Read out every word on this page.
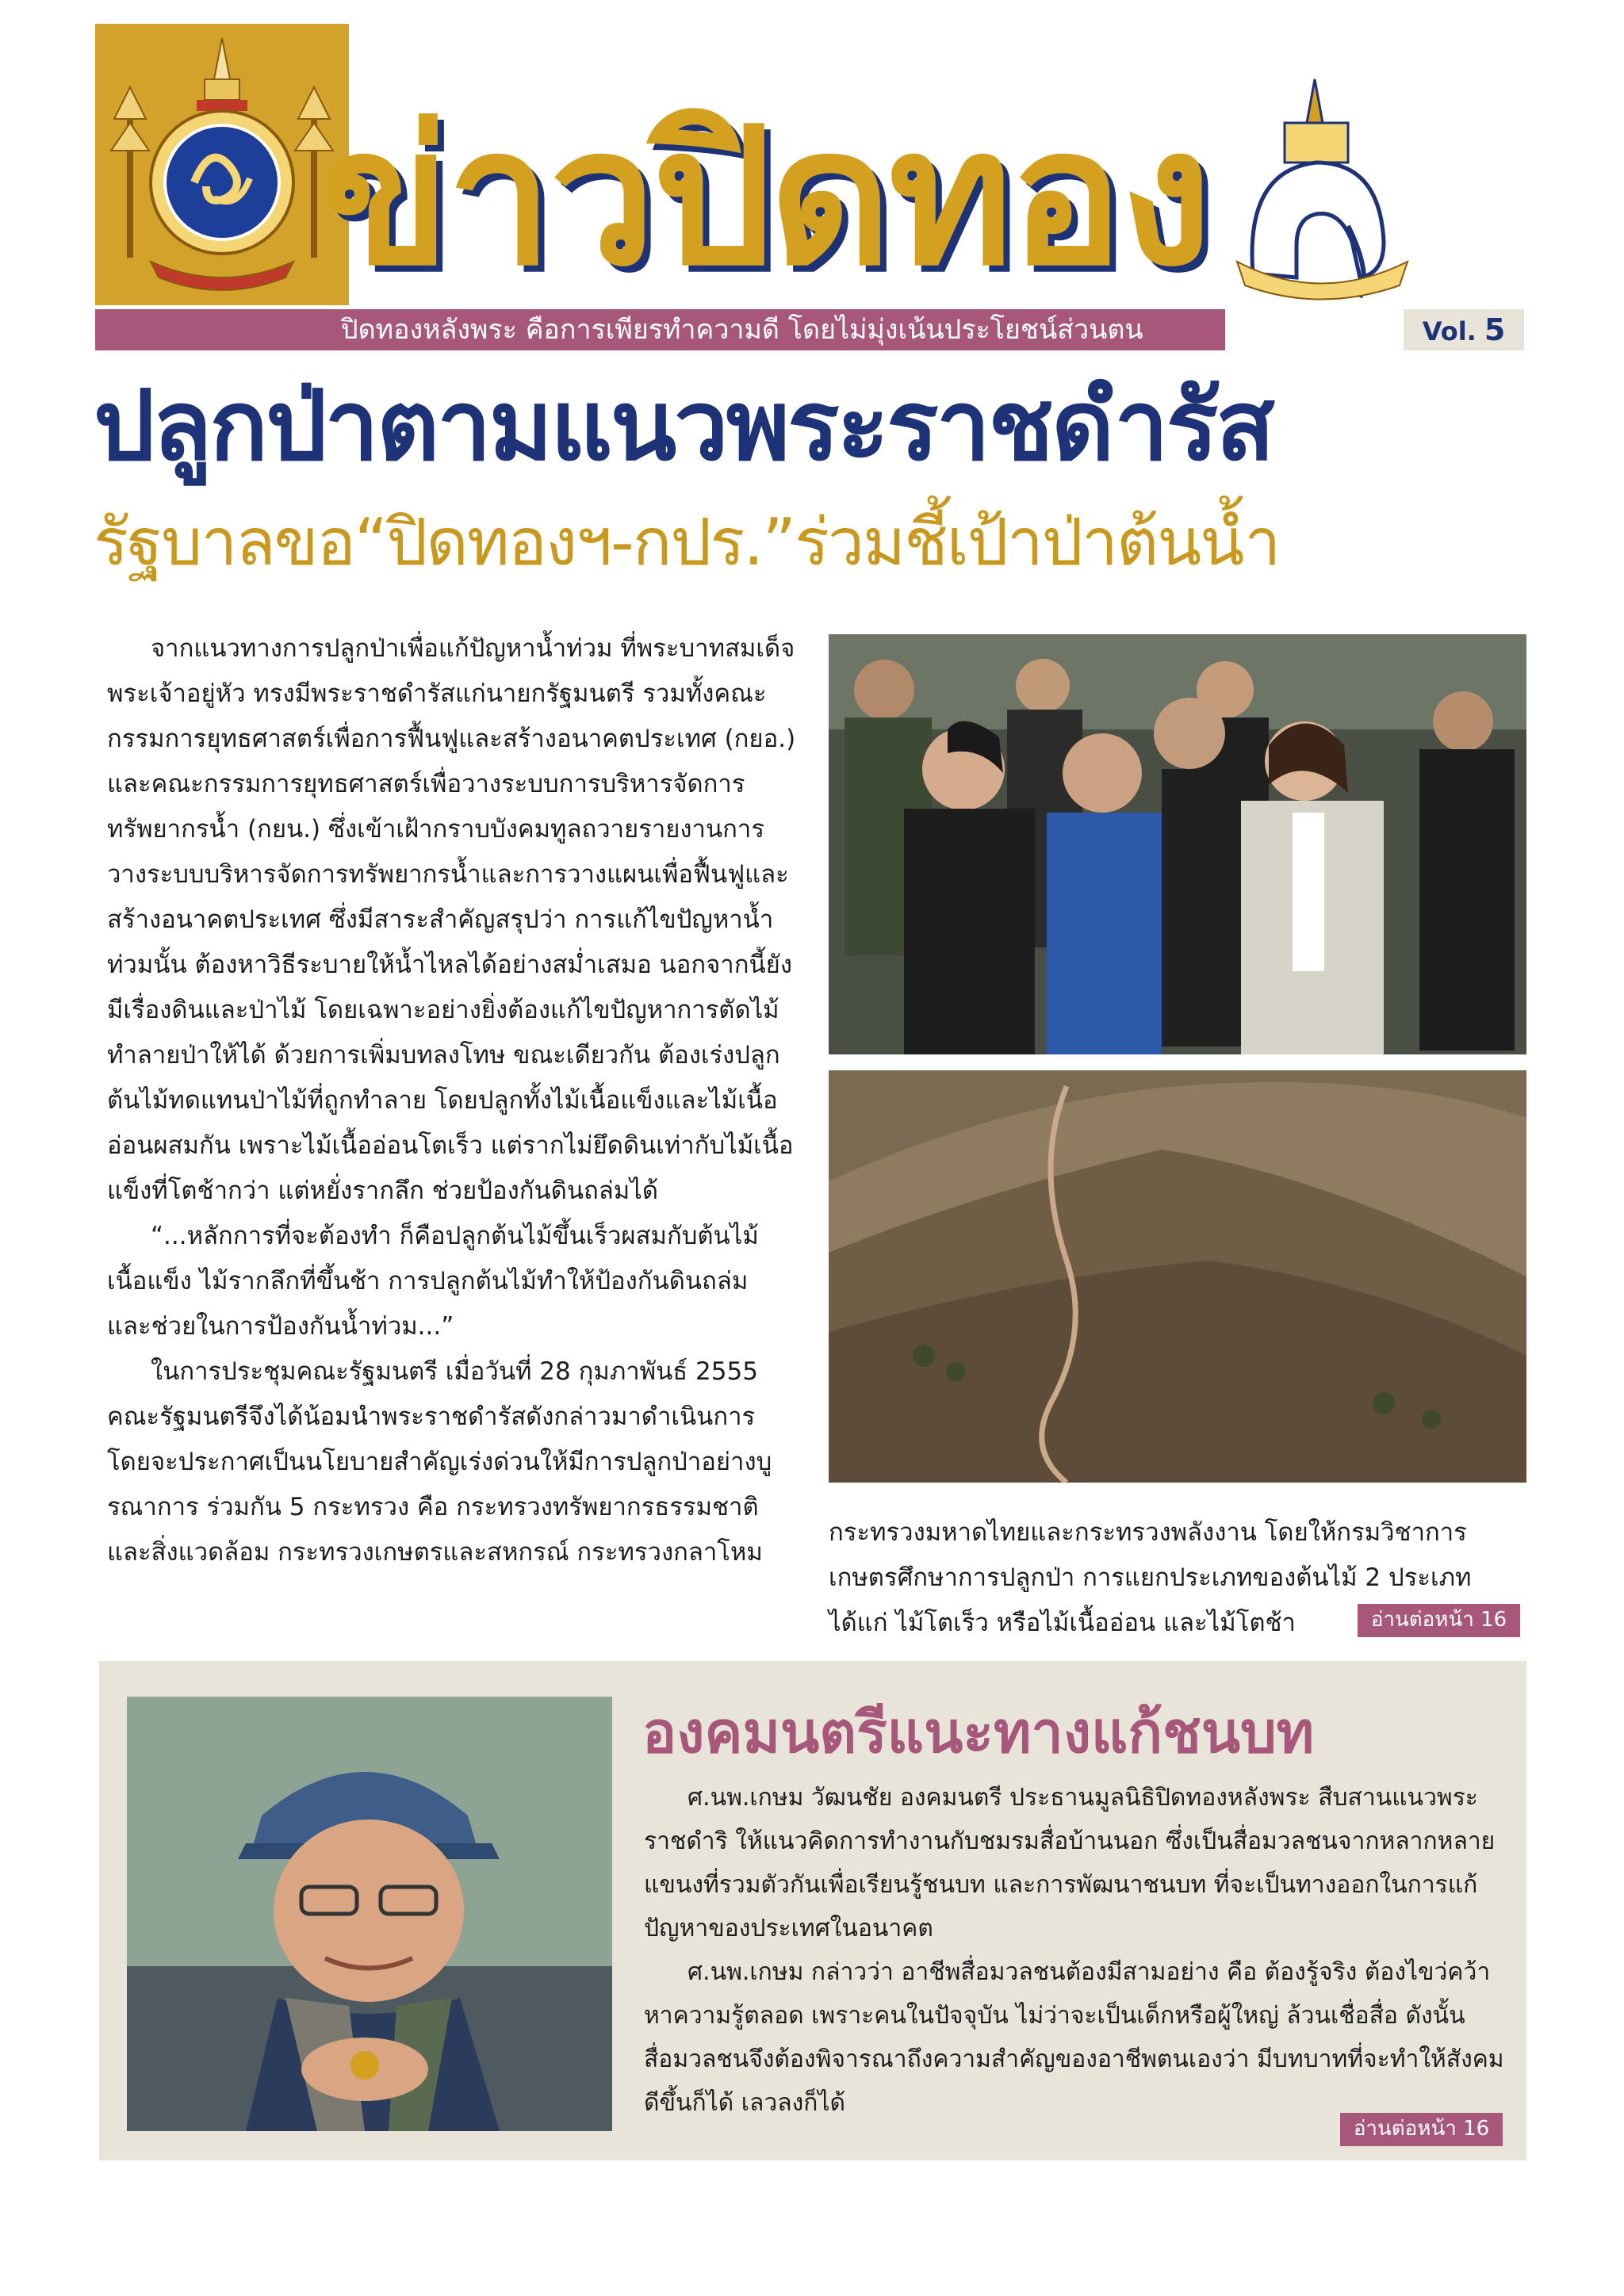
ข่าวปิดทอง
ปิดทองหลังพระ คือการเพียรทำความดี โดยไม่มุ่งเน้นประโยชน์ส่วนตน	Vol. 5
ปลูกป่าตามแนวพระราชดำรัส
รัฐบาลขอ“ปิดทองฯ-กปร.”ร่วมชี้เป้าป่าต้นน้ำ

จากแนวทางการปลูกป่าเพื่อแก้ปัญหาน้ำท่วม ที่พระบาทสมเด็จพระเจ้าอยู่หัว ทรงมีพระราชดำรัสแก่นายกรัฐมนตรี รวมทั้งคณะกรรมการยุทธศาสตร์เพื่อการฟื้นฟูและสร้างอนาคตประเทศ (กยอ.) และคณะกรรมการยุทธศาสตร์เพื่อวางระบบการบริหารจัดการทรัพยากรน้ำ (กยน.) ซึ่งเข้าเฝ้ากราบบังคมทูลถวายรายงานการวางระบบบริหารจัดการทรัพยากรน้ำและการวางแผนเพื่อฟื้นฟูและสร้างอนาคตประเทศ ซึ่งมีสาระสำคัญสรุปว่า การแก้ไขปัญหาน้ำท่วมนั้น ต้องหาวิธีระบายให้น้ำไหลได้อย่างสม่ำเสมอ นอกจากนี้ยังมีเรื่องดินและป่าไม้ โดยเฉพาะอย่างยิ่งต้องแก้ไขปัญหาการตัดไม้ทำลายป่าให้ได้ ด้วยการเพิ่มบทลงโทษ ขณะเดียวกัน ต้องเร่งปลูกต้นไม้ทดแทนป่าไม้ที่ถูกทำลาย โดยปลูกทั้งไม้เนื้อแข็งและไม้เนื้ออ่อนผสมกัน เพราะไม้เนื้ออ่อนโตเร็ว แต่รากไม่ยึดดินเท่ากับไม้เนื้อแข็งที่โตช้ากว่า แต่หยั่งรากลึก ช่วยป้องกันดินถล่มได้

“...หลักการที่จะต้องทำ ก็คือปลูกต้นไม้ขึ้นเร็วผสมกับต้นไม้เนื้อแข็ง ไม้รากลึกที่ขึ้นช้า การปลูกต้นไม้ทำให้ป้องกันดินถล่ม และช่วยในการป้องกันน้ำท่วม...”

ในการประชุมคณะรัฐมนตรี เมื่อวันที่ 28 กุมภาพันธ์ 2555 คณะรัฐมนตรีจึงได้น้อมนำพระราชดำรัสดังกล่าวมาดำเนินการ โดยจะประกาศเป็นนโยบายสำคัญเร่งด่วนให้มีการปลูกป่าอย่างบูรณาการ ร่วมกัน 5 กระทรวง คือ กระทรวงทรัพยากรธรรมชาติและสิ่งแวดล้อม กระทรวงเกษตรและสหกรณ์ กระทรวงกลาโหม

กระทรวงมหาดไทยและกระทรวงพลังงาน โดยให้กรมวิชาการเกษตรศึกษาการปลูกป่า การแยกประเภทของต้นไม้ 2 ประเภท ได้แก่ ไม้โตเร็ว หรือไม้เนื้ออ่อน และไม้โตช้า	อ่านต่อหน้า 16
องคมนตรีแนะทางแก้ชนบท

ศ.นพ.เกษม วัฒนชัย องคมนตรี ประธานมูลนิธิปิดทองหลังพระ สืบสานแนวพระราชดำริ ให้แนวคิดการทำงานกับชมรมสื่อบ้านนอก ซึ่งเป็นสื่อมวลชนจากหลากหลายแขนงที่รวมตัวกันเพื่อเรียนรู้ชนบท และการพัฒนาชนบท ที่จะเป็นทางออกในการแก้ปัญหาของประเทศในอนาคต

ศ.นพ.เกษม กล่าวว่า อาชีพสื่อมวลชนต้องมีสามอย่าง คือ ต้องรู้จริง ต้องไขว่คว้าหาความรู้ตลอด เพราะคนในปัจจุบัน ไม่ว่าจะเป็นเด็กหรือผู้ใหญ่ ล้วนเชื่อสื่อ ดังนั้นสื่อมวลชนจึงต้องพิจารณาถึงความสำคัญของอาชีพตนเองว่า มีบทบาทที่จะทำให้สังคมดีขึ้นก็ได้ เลวลงก็ได้

อ่านต่อหน้า 16
